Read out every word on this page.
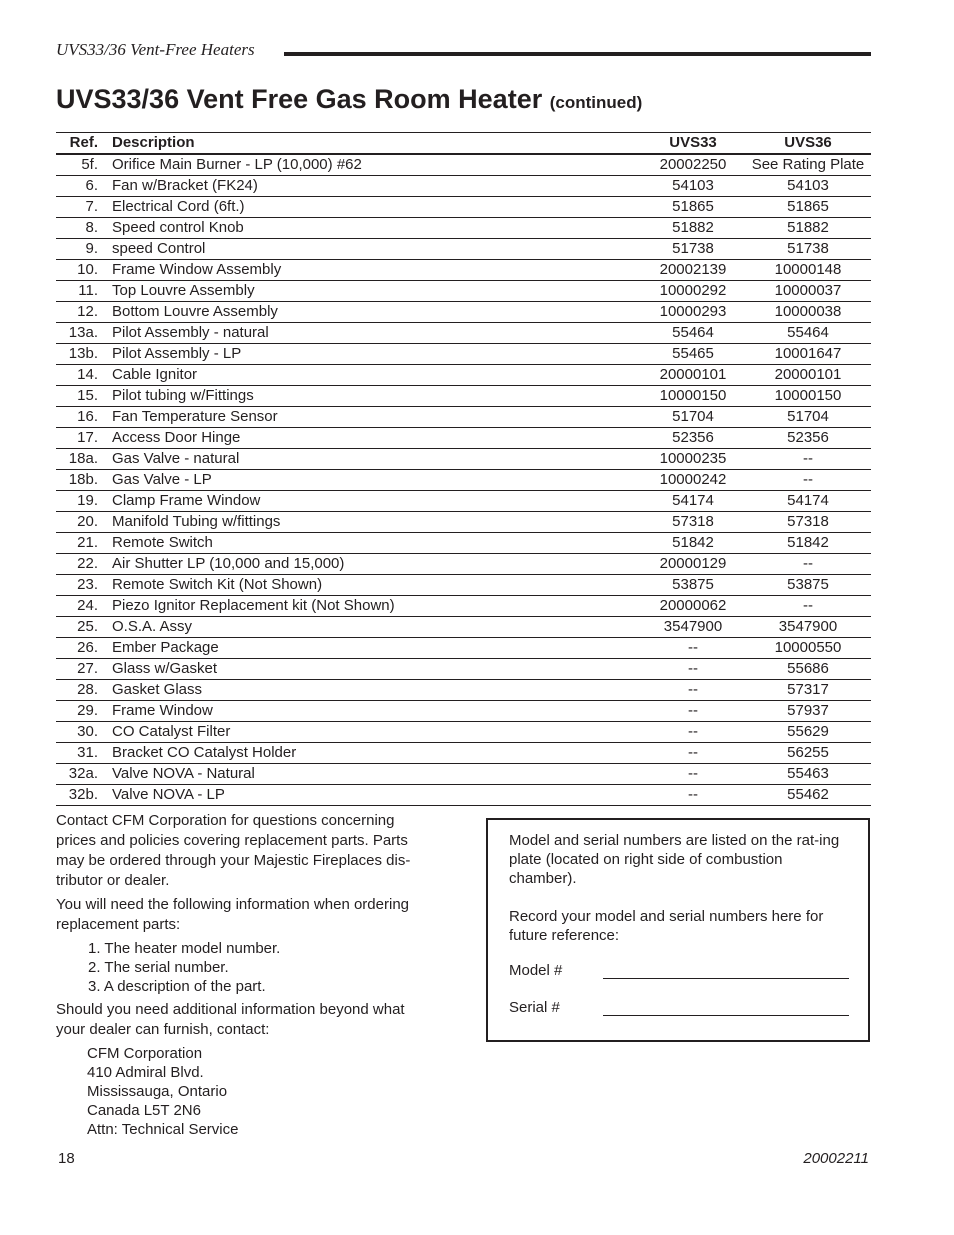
UVS33/36 Vent-Free Heaters
UVS33/36 Vent Free Gas Room Heater (continued)
Ref.	Description	UVS33	UVS36
5f.	Orifice Main Burner - LP (10,000) #62	20002250	See Rating Plate
6.	Fan w/Bracket (FK24)	54103	54103
7.	Electrical Cord (6ft.)	51865	51865
8.	Speed control Knob	51882	51882
9.	speed Control	51738	51738
10.	Frame Window Assembly	20002139	10000148
11.	Top Louvre Assembly	10000292	10000037
12.	Bottom Louvre Assembly	10000293	10000038
13a.	Pilot Assembly - natural	55464	55464
13b.	Pilot Assembly - LP	55465	10001647
14.	Cable Ignitor	20000101	20000101
15.	Pilot tubing w/Fittings	10000150	10000150
16.	Fan Temperature Sensor	51704	51704
17.	Access Door Hinge	52356	52356
18a.	Gas Valve - natural	10000235	--
18b.	Gas Valve - LP	10000242	--
19.	Clamp Frame Window	54174	54174
20.	Manifold Tubing w/fittings	57318	57318
21.	Remote Switch	51842	51842
22.	Air Shutter LP (10,000 and 15,000)	20000129	--
23.	Remote Switch Kit (Not Shown)	53875	53875
24.	Piezo Ignitor Replacement kit (Not Shown)	20000062	--
25.	O.S.A. Assy	3547900	3547900
26.	Ember Package	--	10000550
27.	Glass w/Gasket	--	55686
28.	Gasket Glass	--	57317
29.	Frame Window	--	57937
30.	CO Catalyst Filter	--	55629
31.	Bracket CO Catalyst Holder	--	56255
32a.	Valve NOVA - Natural	--	55463
32b.	Valve NOVA - LP	--	55462

Contact CFM Corporation for questions concerning prices and policies covering replacement parts. Parts may be ordered through your Majestic Fireplaces dis-tributor or dealer.

You will need the following information when ordering replacement parts:

1. The heater model number.
2. The serial number.
3. A description of the part.

Should you need additional information beyond what your dealer can furnish, contact:

CFM Corporation
410 Admiral Blvd.
Mississauga, Ontario
Canada L5T 2N6
Attn: Technical Service

Model and serial numbers are listed on the rat-ing plate (located on right side of combustion chamber).

Record your model and serial numbers here for future reference:

Model #
Serial #
18	20002211
